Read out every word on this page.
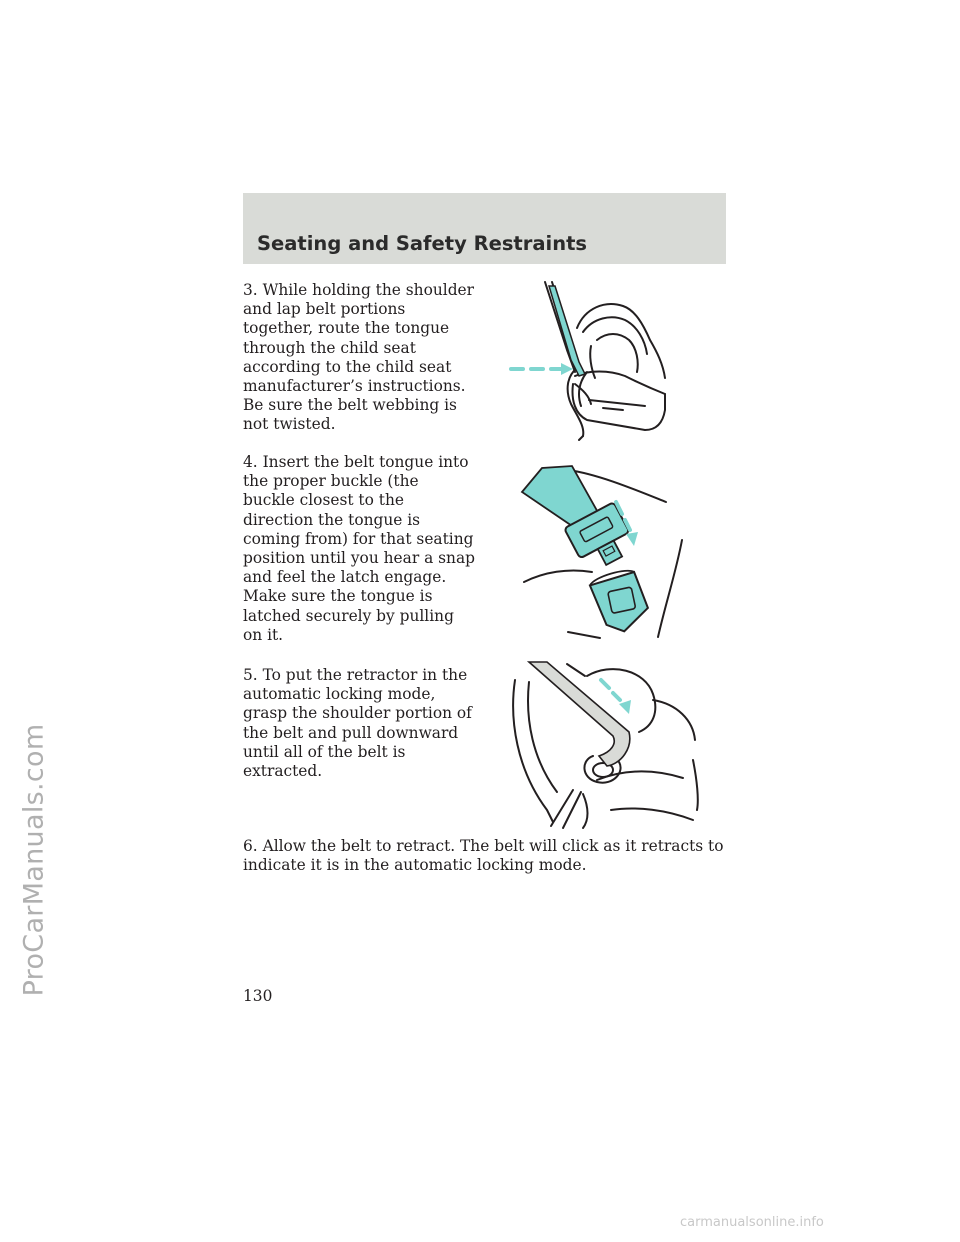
ProCarManuals.com
Seating and Safety Restraints

3. While holding the shoulder and lap belt portions together, route the tongue through the child seat according to the child seat manufacturer’s instructions. Be sure the belt webbing is not twisted.

4. Insert the belt tongue into the proper buckle (the buckle closest to the direction the tongue is coming from) for that seating position until you hear a snap and feel the latch engage. Make sure the tongue is latched securely by pulling on it.

5. To put the retractor in the automatic locking mode, grasp the shoulder portion of the belt and pull downward until all of the belt is extracted.

6. Allow the belt to retract. The belt will click as it retracts to indicate it is in the automatic locking mode.

130

carmanualsonline.info
